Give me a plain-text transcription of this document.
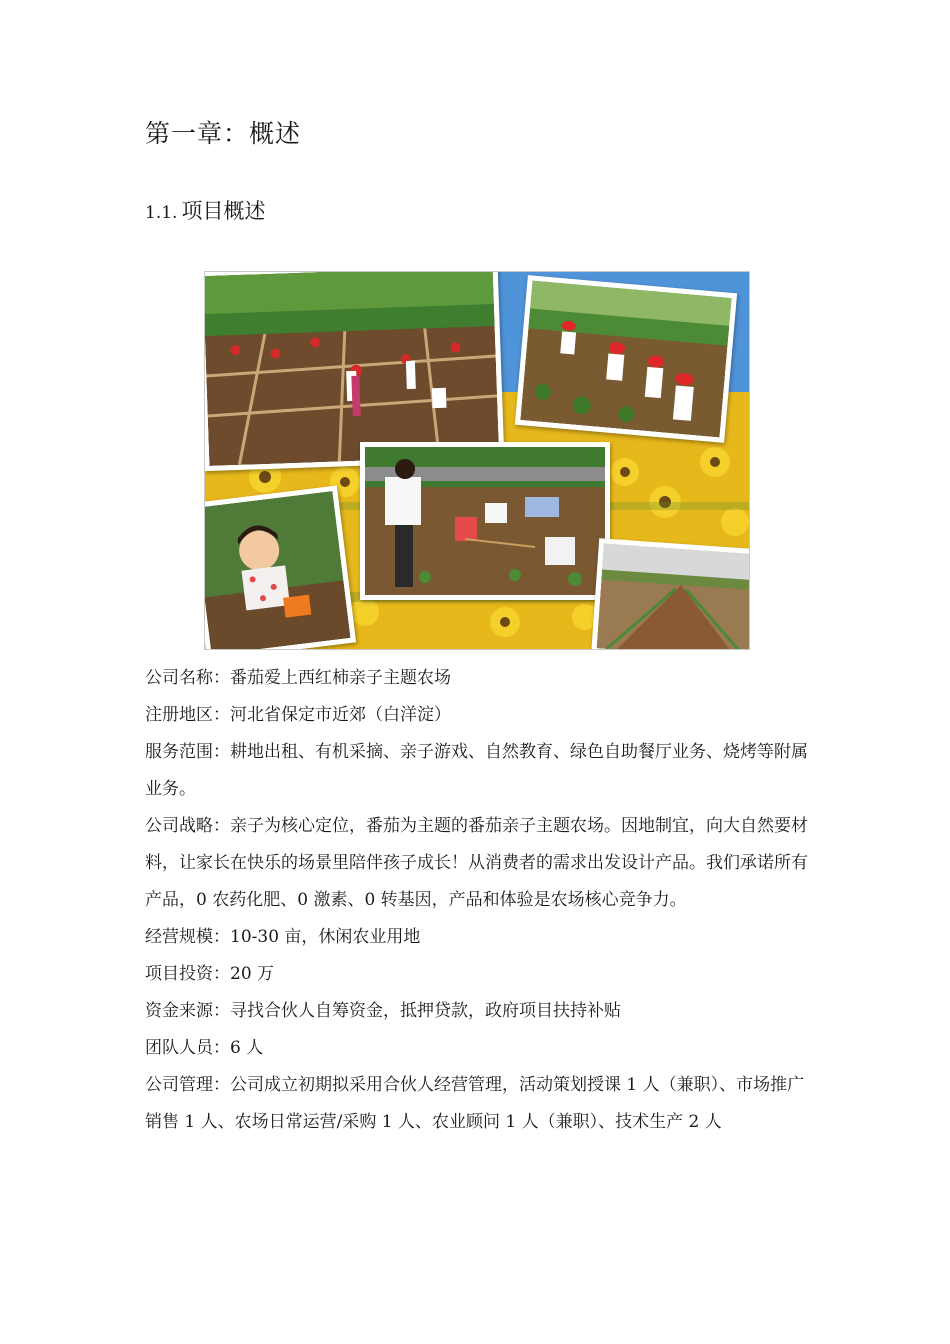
第一章：概述
1.1. 项目概述

公司名称：番茄爱上西红柿亲子主题农场

注册地区：河北省保定市近郊（白洋淀）

服务范围：耕地出租、有机采摘、亲子游戏、自然教育、绿色自助餐厅业务、烧烤等附属业务。

公司战略：亲子为核心定位，番茄为主题的番茄亲子主题农场。因地制宜，向大自然要材料，让家长在快乐的场景里陪伴孩子成长！从消费者的需求出发设计产品。我们承诺所有产品，0 农药化肥、0 激素、0 转基因，产品和体验是农场核心竞争力。

经营规模：10-30 亩，休闲农业用地

项目投资：20 万

资金来源：寻找合伙人自筹资金，抵押贷款，政府项目扶持补贴

团队人员：6 人

公司管理：公司成立初期拟采用合伙人经营管理，活动策划授课 1 人（兼职）、市场推广销售 1 人、农场日常运营/采购 1 人、农业顾问 1 人（兼职）、技术生产 2 人
